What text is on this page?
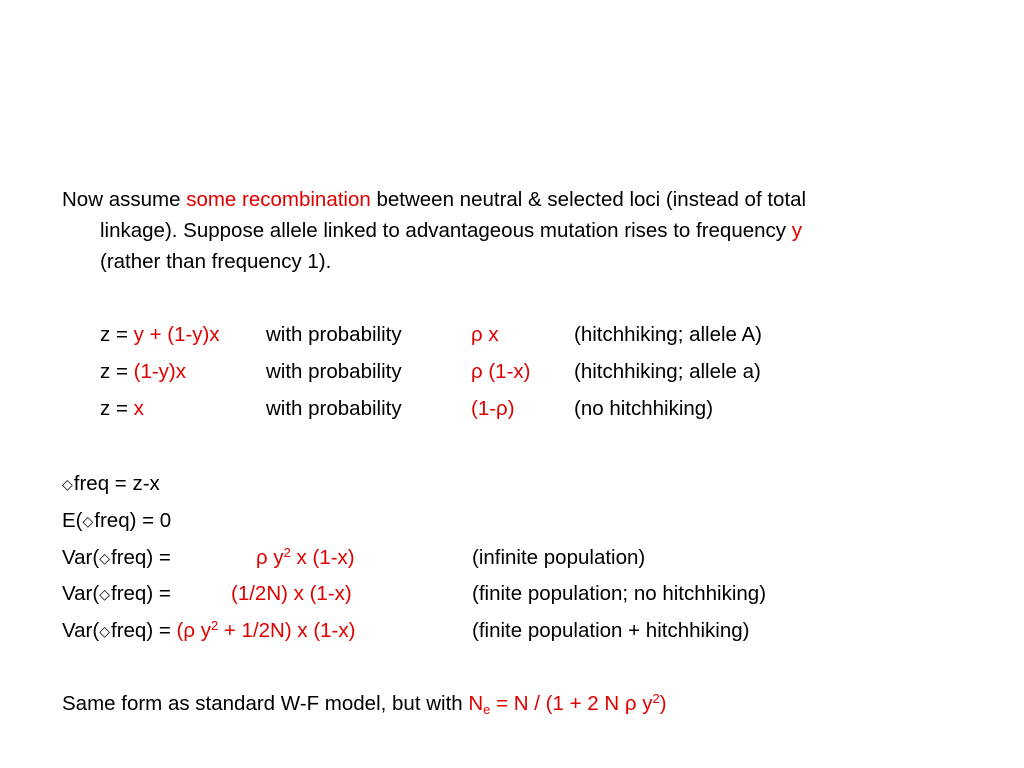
Now assume some recombination between neutral & selected loci (instead of total
linkage). Suppose allele linked to advantageous mutation rises to frequency y
(rather than frequency 1).
z = y + (1-y)x with probability	ρ x	(hitchhiking; allele A)
z = (1-y)x	with probability	ρ (1-x) (hitchhiking; allele a)
z = x	with probability	(1-ρ)	(no hitchhiking)
◇freq = z-x
E(◇freq) = 0
Var(◇freq) =	ρ $y^2$ x (1-x)	(infinite population)
Var(◇freq) =	(1/2N) x (1-x)	(finite population; no hitchhiking)
Var(◇freq) = (ρ $y^2 + 1/2N$) x (1-x)	(finite population + hitchhiking)
Same form as standard W-F model, but with $N_e = N / (1 + 2$ N ρ $y^2$)
